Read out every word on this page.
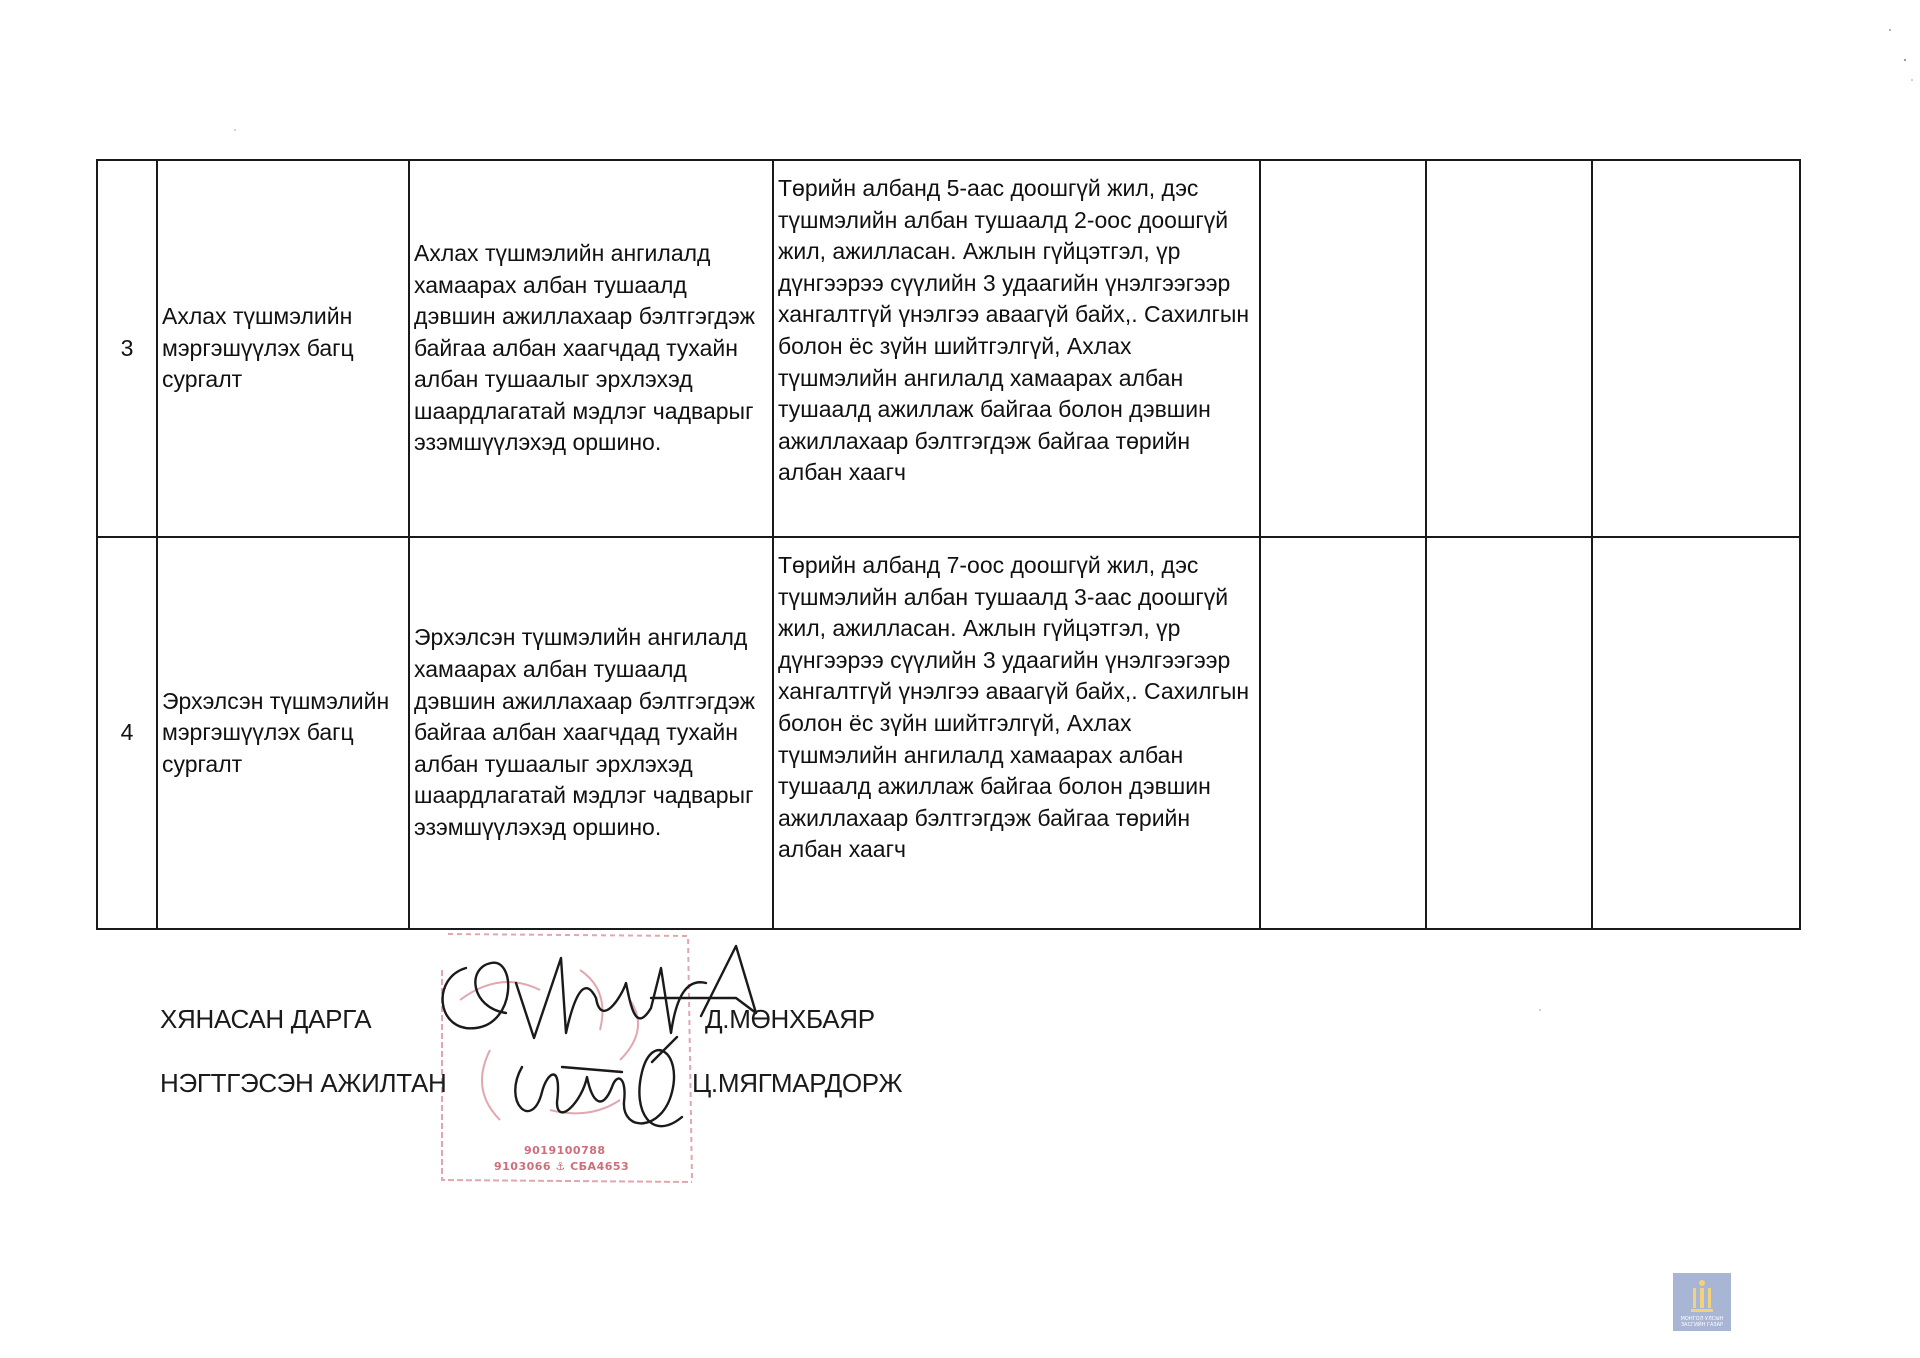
3	Ахлах түшмэлийн мэргэшүүлэх багц сургалт	Ахлах түшмэлийн ангилалд хамаарах албан тушаалд дэвшин ажиллахаар бэлтгэгдэж байгаа албан хаагчдад тухайн албан тушаалыг эрхлэхэд шаардлагатай мэдлэг чадварыг эзэмшүүлэхэд оршино.	Төрийн албанд 5-аас доошгүй жил, дэс түшмэлийн албан тушаалд 2-оос доошгүй жил, ажилласан. Ажлын гүйцэтгэл, үр дүнгээрээ сүүлийн 3 удаагийн үнэлгээгээр хангалтгүй үнэлгээ аваагүй байх,. Сахилгын болон ёс зүйн шийтгэлгүй, Ахлах түшмэлийн ангилалд хамаарах албан тушаалд ажиллаж байгаа болон дэвшин ажиллахаар бэлтгэгдэж байгаа төрийн албан хаагч			

4	Эрхэлсэн түшмэлийн мэргэшүүлэх багц сургалт	Эрхэлсэн түшмэлийн ангилалд хамаарах албан тушаалд дэвшин ажиллахаар бэлтгэгдэж байгаа албан хаагчдад тухайн албан тушаалыг эрхлэхэд шаардлагатай мэдлэг чадварыг эзэмшүүлэхэд оршино.	Төрийн албанд 7-оос доошгүй жил, дэс түшмэлийн албан тушаалд 3-аас доошгүй жил, ажилласан. Ажлын гүйцэтгэл, үр дүнгээрээ сүүлийн 3 удаагийн үнэлгээгээр хангалтгүй үнэлгээ аваагүй байх,. Сахилгын болон ёс зүйн шийтгэлгүй, Ахлах түшмэлийн ангилалд хамаарах албан тушаалд ажиллаж байгаа болон дэвшин ажиллахаар бэлтгэгдэж байгаа төрийн албан хаагч			

9019100788
9103066 ⚓ СБА4653
ХЯНАСАН ДАРГА	Д.МӨНХБАЯР
НЭГТГЭСЭН АЖИЛТАН	Ц.МЯГМАРДОРЖ
МОНГОЛ УЛСЫН ЗАСГИЙН ГАЗАР
